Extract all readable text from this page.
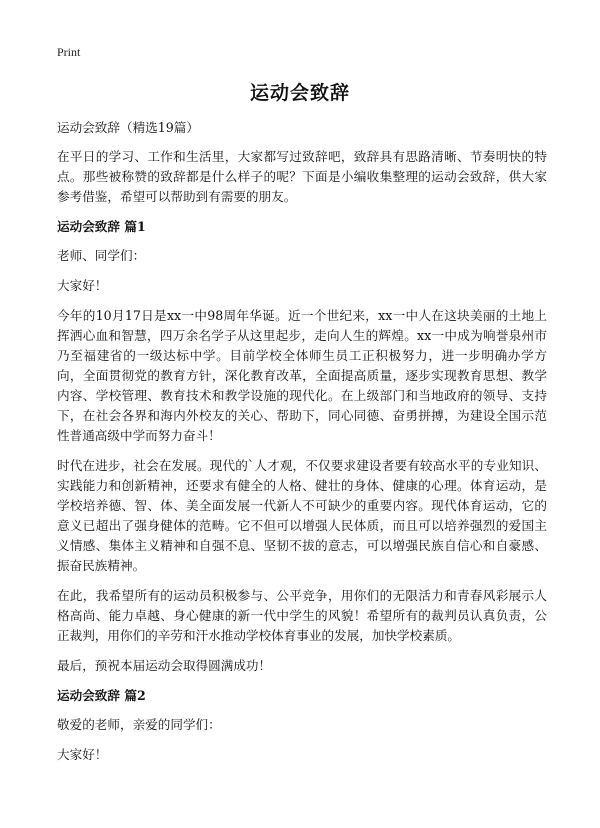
Print
运动会致辞

运动会致辞（精选19篇）

在平日的学习、工作和生活里，大家都写过致辞吧，致辞具有思路清晰、节奏明快的特点。那些被称赞的致辞都是什么样子的呢？下面是小编收集整理的运动会致辞，供大家参考借鉴，希望可以帮助到有需要的朋友。

运动会致辞 篇1

老师、同学们：

大家好！

今年的10月17日是xx一中98周年华诞。近一个世纪来，xx一中人在这块美丽的土地上挥洒心血和智慧，四万余名学子从这里起步，走向人生的辉煌。xx一中成为响誉泉州市乃至福建省的一级达标中学。目前学校全体师生员工正积极努力，进一步明确办学方向，全面贯彻党的教育方针，深化教育改革，全面提高质量，逐步实现教育思想、教学内容、学校管理、教育技术和教学设施的现代化。在上级部门和当地政府的领导、支持下，在社会各界和海内外校友的关心、帮助下，同心同德、奋勇拼搏，为建设全国示范性普通高级中学而努力奋斗！

时代在进步，社会在发展。现代的`人才观，不仅要求建设者要有较高水平的专业知识、实践能力和创新精神，还要求有健全的人格、健壮的身体、健康的心理。体育运动，是学校培养德、智、体、美全面发展一代新人不可缺少的重要内容。现代体育运动，它的意义已超出了强身健体的范畴。它不但可以增强人民体质，而且可以培养强烈的爱国主义情感、集体主义精神和自强不息、坚韧不拔的意志，可以增强民族自信心和自豪感、振奋民族精神。

在此，我希望所有的运动员积极参与、公平竞争，用你们的无限活力和青春风彩展示人格高尚、能力卓越、身心健康的新一代中学生的风貌！希望所有的裁判员认真负责，公正裁判，用你们的辛劳和汗水推动学校体育事业的发展，加快学校素质。

最后，预祝本届运动会取得圆满成功！

运动会致辞 篇2

敬爱的老师，亲爱的同学们：

大家好！
